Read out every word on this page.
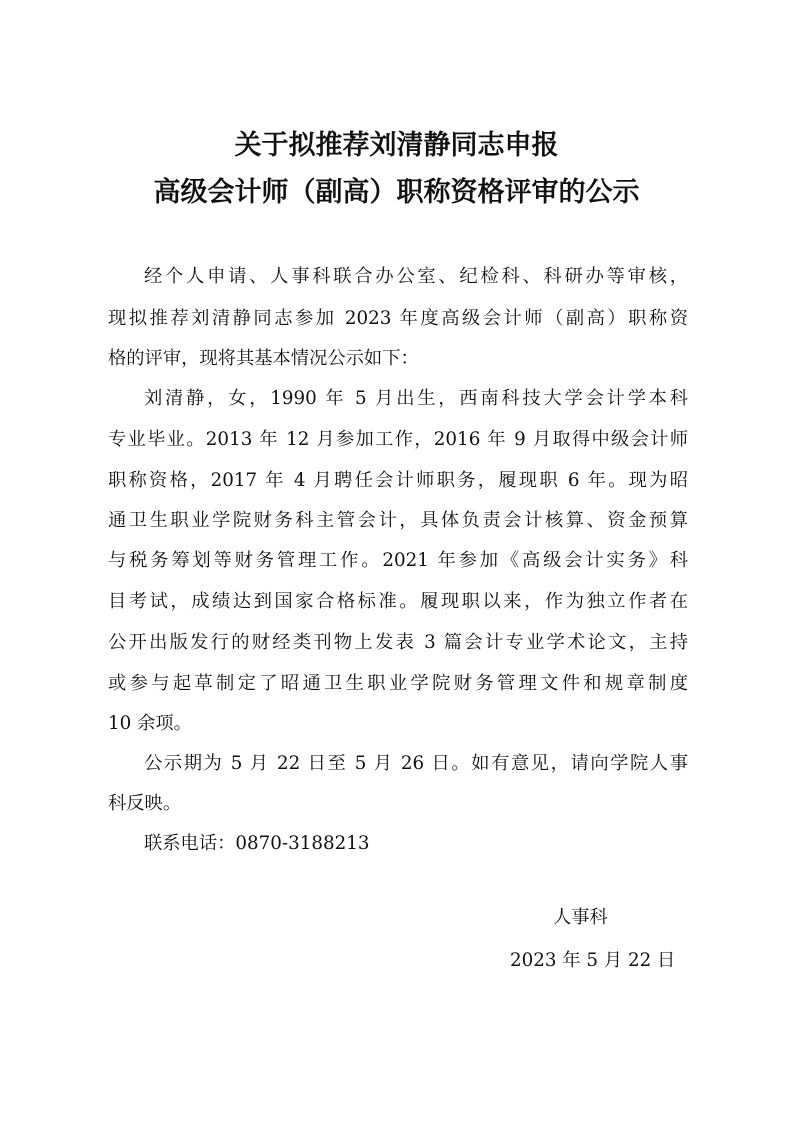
关于拟推荐刘清静同志申报
高级会计师（副高）职称资格评审的公示
经个人申请、人事科联合办公室、纪检科、科研办等审核，
现拟推荐刘清静同志参加 2023 年度高级会计师（副高）职称资
格的评审，现将其基本情况公示如下：
刘清静，女，1990 年 5 月出生，西南科技大学会计学本科
专业毕业。2013 年 12 月参加工作，2016 年 9 月取得中级会计师
职称资格，2017 年 4 月聘任会计师职务，履现职 6 年。现为昭
通卫生职业学院财务科主管会计，具体负责会计核算、资金预算
与税务筹划等财务管理工作。2021 年参加《高级会计实务》科
目考试，成绩达到国家合格标准。履现职以来，作为独立作者在
公开出版发行的财经类刊物上发表 3 篇会计专业学术论文，主持
或参与起草制定了昭通卫生职业学院财务管理文件和规章制度
10 余项。
公示期为 5 月 22 日至 5 月 26 日。如有意见，请向学院人事
科反映。
联系电话：0870-3188213
人事科
2023 年 5 月 22 日
